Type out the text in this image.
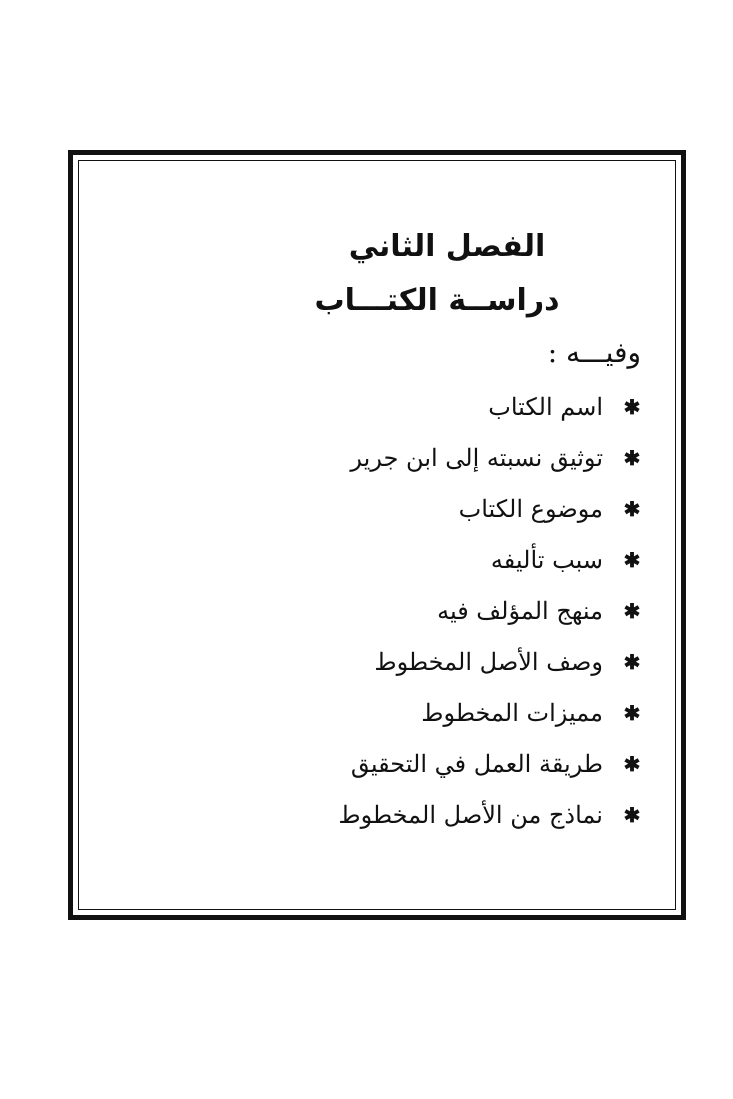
الفصل الثاني
دراســة الكتـــاب
وفيـــه :
✱
اسم الكتاب
✱
توثيق نسبته إلى ابن جرير
✱
موضوع الكتاب
✱
سبب تأليفه
✱
منهج المؤلف فيه
✱
وصف الأصل المخطوط
✱
مميزات المخطوط
✱
طريقة العمل في التحقيق
✱
نماذج من الأصل المخطوط
